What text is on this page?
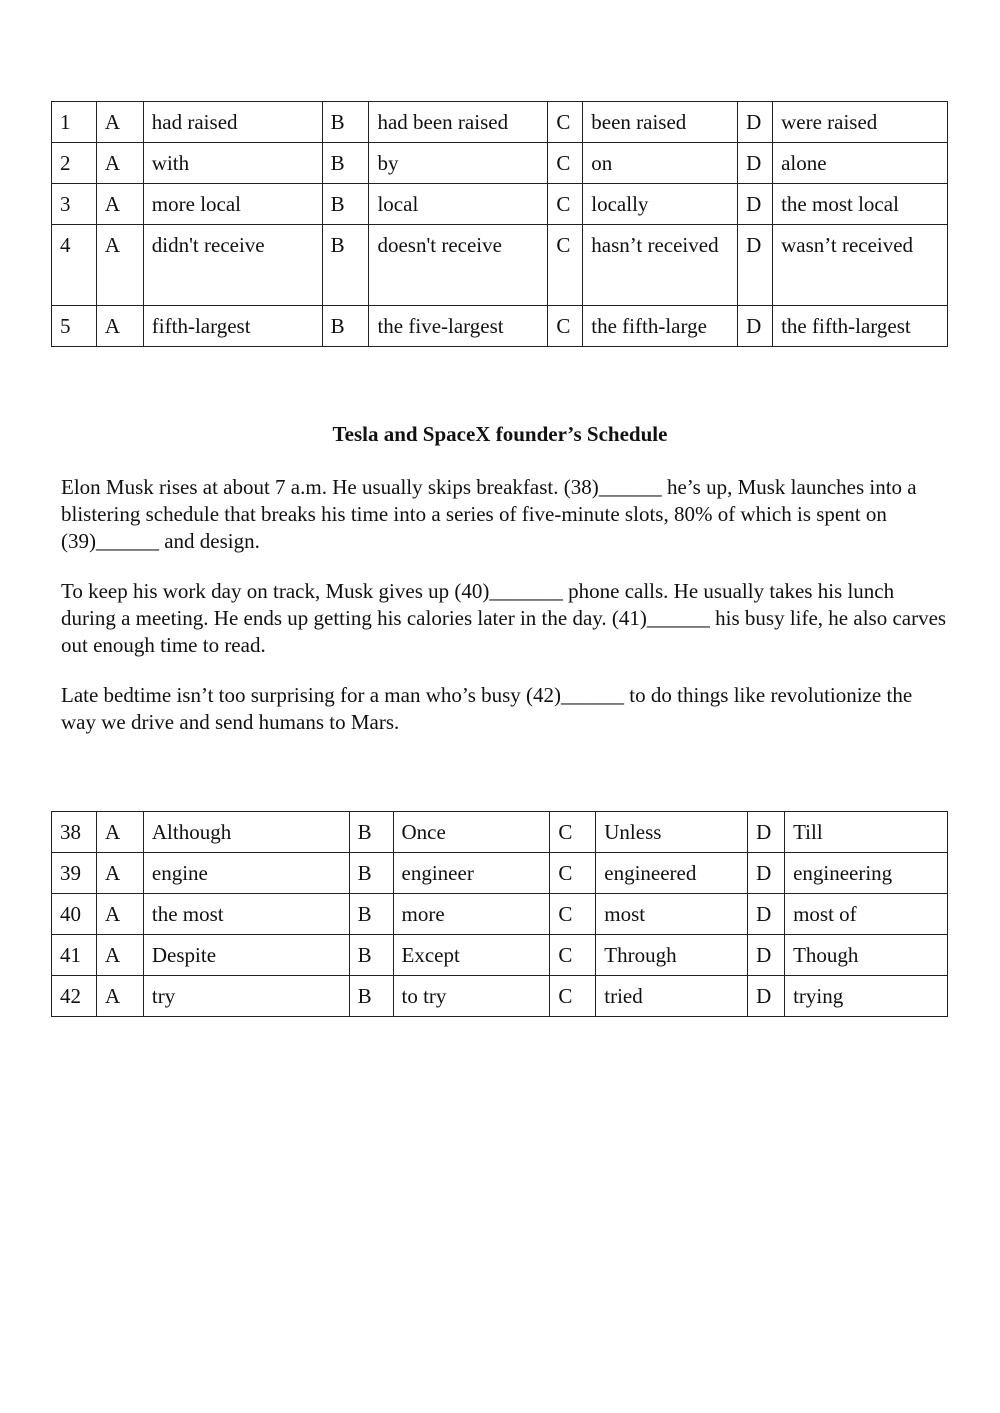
1	A	had raised	B	had been raised	C	been raised	D	were raised
2	A	with	B	by	C	on	D	alone
3	A	more local	B	local	C	locally	D	the most local
4	A	didn't receive	B	doesn't receive	C	hasn’t received	D	wasn’t received
5	A	fifth-largest	B	the five-largest	C	the fifth-large	D	the fifth-largest
Tesla and SpaceX founder’s Schedule

Elon Musk rises at about 7 a.m. He usually skips breakfast. (38)______ he’s up, Musk launches into a blistering schedule that breaks his time into a series of five-minute slots, 80% of which is spent on (39)______ and design.

To keep his work day on track, Musk gives up (40)_______ phone calls. He usually takes his lunch during a meeting. He ends up getting his calories later in the day. (41)______ his busy life, he also carves out enough time to read.

Late bedtime isn’t too surprising for a man who’s busy (42)______ to do things like revolutionize the way we drive and send humans to Mars.

38	A	Although	B	Once	C	Unless	D	Till
39	A	engine	B	engineer	C	engineered	D	engineering
40	A	the most	B	more	C	most	D	most of
41	A	Despite	B	Except	C	Through	D	Though
42	A	try	B	to try	C	tried	D	trying
